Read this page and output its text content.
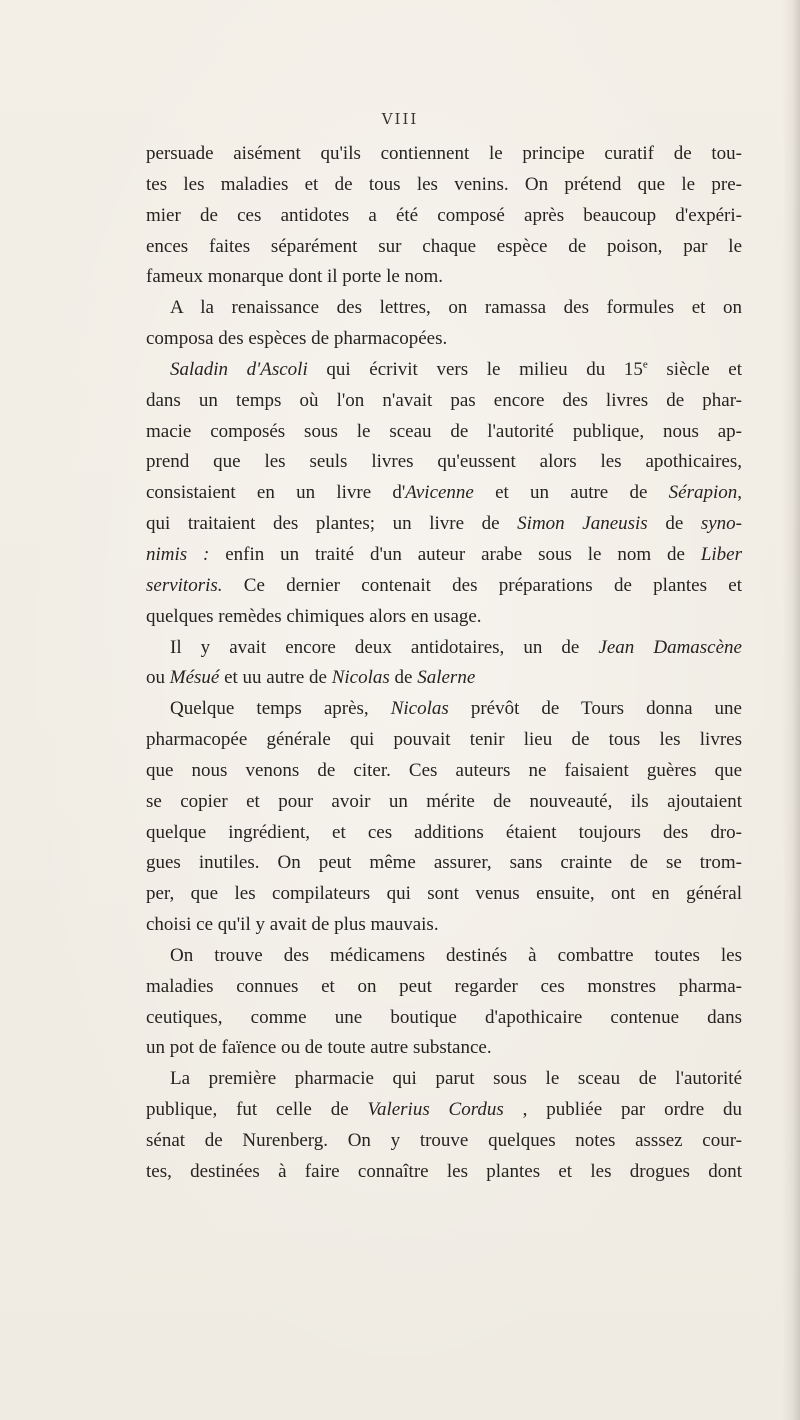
VIII
persuade aisément qu'ils contiennent le principe curatif de tou-
tes les maladies et de tous les venins. On prétend que le pre-
mier de ces antidotes a été composé après beaucoup d'expéri-
ences faites séparément sur chaque espèce de poison, par le
fameux monarque dont il porte le nom.
A la renaissance des lettres, on ramassa des formules et on
composa des espèces de pharmacopées.
Saladin d'Ascoli qui écrivit vers le milieu du 15e siècle et
dans un temps où l'on n'avait pas encore des livres de phar-
macie composés sous le sceau de l'autorité publique, nous ap-
prend que les seuls livres qu'eussent alors les apothicaires,
consistaient en un livre d'Avicenne et un autre de Sérapion,
qui traitaient des plantes; un livre de Simon Janeusis de syno-
nimis : enfin un traité d'un auteur arabe sous le nom de Liber
servitoris. Ce dernier contenait des préparations de plantes et
quelques remèdes chimiques alors en usage.
Il y avait encore deux antidotaires, un de Jean Damascène
ou Mésué et uu autre de Nicolas de Salerne
Quelque temps après, Nicolas prévôt de Tours donna une
pharmacopée générale qui pouvait tenir lieu de tous les livres
que nous venons de citer. Ces auteurs ne faisaient guères que
se copier et pour avoir un mérite de nouveauté, ils ajoutaient
quelque ingrédient, et ces additions étaient toujours des dro-
gues inutiles. On peut même assurer, sans crainte de se trom-
per, que les compilateurs qui sont venus ensuite, ont en général
choisi ce qu'il y avait de plus mauvais.
On trouve des médicamens destinés à combattre toutes les
maladies connues et on peut regarder ces monstres pharma-
ceutiques, comme une boutique d'apothicaire contenue dans
un pot de faïence ou de toute autre substance.
La première pharmacie qui parut sous le sceau de l'autorité
publique, fut celle de Valerius Cordus , publiée par ordre du
sénat de Nurenberg. On y trouve quelques notes asssez cour-
tes, destinées à faire connaître les plantes et les drogues dont
